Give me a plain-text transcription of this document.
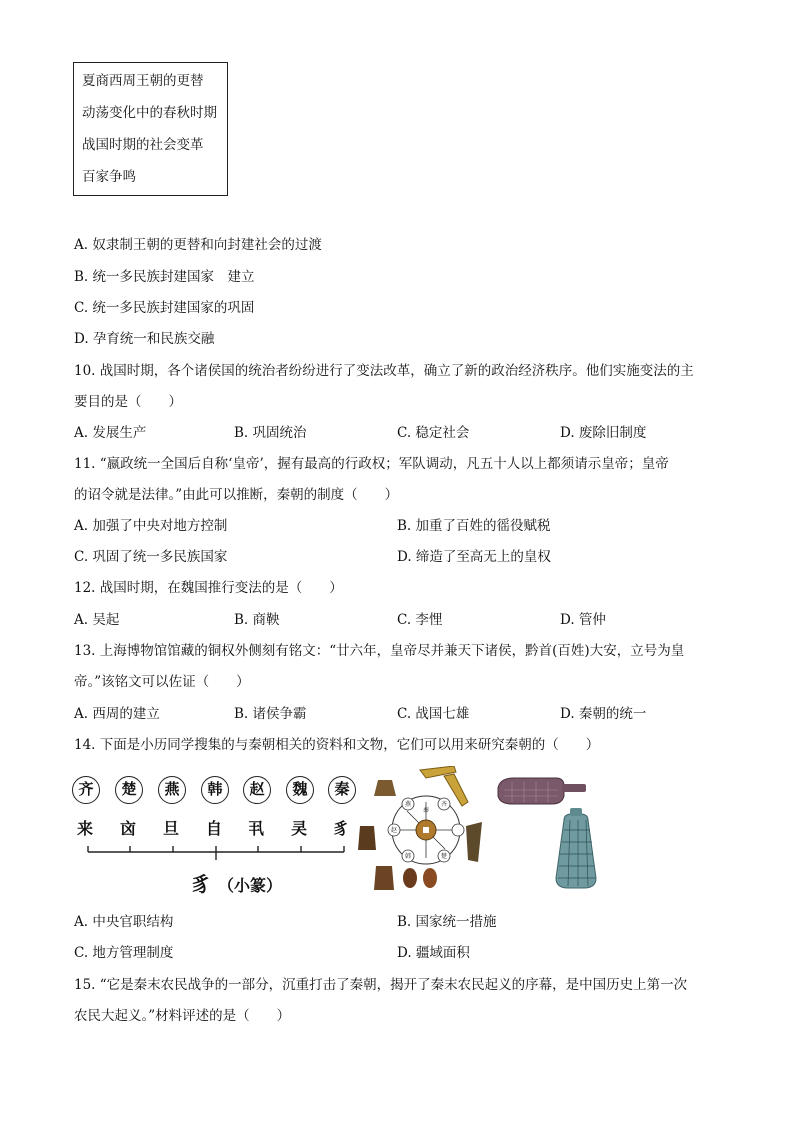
夏商西周王朝的更替
动荡变化中的春秋时期
战国时期的社会变革
百家争鸣
A. 奴隶制王朝的更替和向封建社会的过渡
B. 统一多民族封建国家　建立
C. 统一多民族封建国家的巩固
D. 孕育统一和民族交融
10. 战国时期，各个诸侯国的统治者纷纷进行了变法改革，确立了新的政治经济秩序。他们实施变法的主
要目的是（　　）
A. 发展生产	B. 巩固统治	C. 稳定社会	D. 废除旧制度
11. “嬴政统一全国后自称‘皇帝’，握有最高的行政权；军队调动，凡五十人以上都须请示皇帝；皇帝
的诏令就是法律。”由此可以推断，秦朝的制度（　　）
A. 加强了中央对地方控制	B. 加重了百姓的徭役赋税
C. 巩固了统一多民族国家	D. 缔造了至高无上的皇权
12. 战国时期，在魏国推行变法的是（　　）
A. 吴起	B. 商鞅	C. 李悝	D. 管仲
13. 上海博物馆馆藏的铜权外侧刻有铭文：“廿六年，皇帝尽并兼天下诸侯，黔首(百姓)大安，立号为皇
帝。”该铭文可以佐证（　　）
A. 西周的建立	B. 诸侯争霸	C. 战国七雄	D. 秦朝的统一
14. 下面是小历同学搜集的与秦朝相关的资料和文物，它们可以用来研究秦朝的（　　）
齐	楚	燕	韩	赵	魏	秦
来 㐫 旦 自 丮 㚑 豸
豸 （小篆）
燕
秦
齐
楚
韩
赵
A. 中央官职结构	B. 国家统一措施
C. 地方管理制度	D. 疆域面积
15. “它是秦末农民战争的一部分，沉重打击了秦朝，揭开了秦末农民起义的序幕，是中国历史上第一次
农民大起义。”材料评述的是（　　）
